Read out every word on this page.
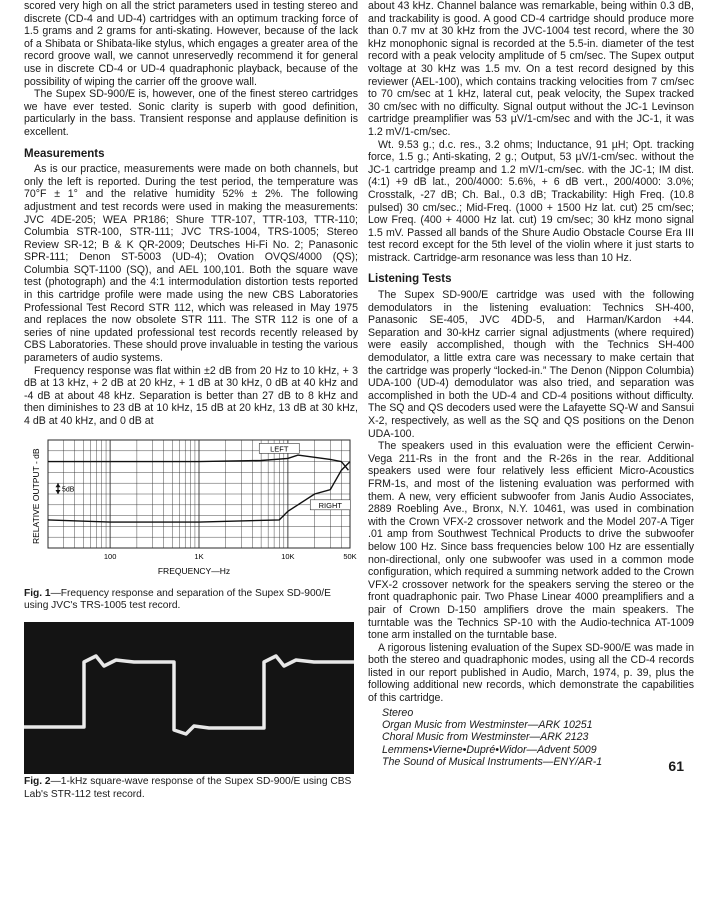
scored very high on all the strict parameters used in testing stereo and discrete (CD-4 and UD-4) cartridges with an optimum tracking force of 1.5 grams and 2 grams for anti-skating. However, because of the lack of a Shibata or Shibata-like stylus, which engages a greater area of the record groove wall, we cannot unreservedly recommend it for general use in discrete CD-4 or UD-4 quadraphonic playback, because of the possibility of wiping the carrier off the groove wall.

The Supex SD-900/E is, however, one of the finest stereo cartridges we have ever tested. Sonic clarity is superb with good definition, particularly in the bass. Transient response and applause definition is excellent.

Measurements

As is our practice, measurements were made on both channels, but only the left is reported. During the test period, the temperature was 70°F ± 1° and the relative humidity 52% ± 2%. The following adjustment and test records were used in making the measurements: JVC 4DE-205; WEA PR186; Shure TTR-107, TTR-103, TTR-110; Columbia STR-100, STR-111; JVC TRS-1004, TRS-1005; Stereo Review SR-12; B & K QR-2009; Deutsches Hi-Fi No. 2; Panasonic SPR-111; Denon ST-5003 (UD-4); Ovation OVQS/4000 (QS); Columbia SQT-1100 (SQ), and AEL 100,101. Both the square wave test (photograph) and the 4:1 intermodulation distortion tests reported in this cartridge profile were made using the new CBS Laboratories Professional Test Record STR 112, which was released in May 1975 and replaces the now obsolete STR 111. The STR 112 is one of a series of nine updated professional test records recently released by CBS Laboratories. These should prove invaluable in testing the various parameters of audio systems.

Frequency response was flat within ±2 dB from 20 Hz to 10 kHz, + 3 dB at 13 kHz, + 2 dB at 20 kHz, + 1 dB at 30 kHz, 0 dB at 40 kHz and -4 dB at about 48 kHz. Separation is better than 27 dB to 8 kHz and then diminishes to 23 dB at 10 kHz, 15 dB at 20 kHz, 13 dB at 30 kHz, 4 dB at 40 kHz, and 0 dB at

RELATIVE OUTPUT - dB	LEFT
RIGHT
5dB
100	1K	10K	50K
FREQUENCY—Hz
Fig. 1—Frequency response and separation of the Supex SD-900/E using JVC's TRS-1005 test record.
Fig. 2—1-kHz square-wave response of the Supex SD-900/E using CBS Lab's STR-112 test record.

about 43 kHz. Channel balance was remarkable, being within 0.3 dB, and trackability is good. A good CD-4 cartridge should produce more than 0.7 mv at 30 kHz from the JVC-1004 test record, where the 30 kHz monophonic signal is recorded at the 5.5-in. diameter of the test record with a peak velocity amplitude of 5 cm/sec. The Supex output voltage at 30 kHz was 1.5 mv. On a test record designed by this reviewer (AEL-100), which contains tracking velocities from 7 cm/sec to 70 cm/sec at 1 kHz, lateral cut, peak velocity, the Supex tracked 30 cm/sec with no difficulty. Signal output without the JC-1 Levinson cartridge preamplifier was 53 µV/1-cm/sec and with the JC-1, it was 1.2 mV/1-cm/sec.

Wt. 9.53 g.; d.c. res., 3.2 ohms; Inductance, 91 µH; Opt. tracking force, 1.5 g.; Anti-skating, 2 g.; Output, 53 µV/1-cm/sec. without the JC-1 cartridge preamp and 1.2 mV/1-cm/sec. with the JC-1; IM dist. (4:1) +9 dB lat., 200/4000: 5.6%, + 6 dB vert., 200/4000: 3.0%; Crosstalk, -27 dB; Ch. Bal., 0.3 dB; Trackability: High Freq. (10.8 pulsed) 30 cm/sec.; Mid-Freq. (1000 + 1500 Hz lat. cut) 25 cm/sec; Low Freq. (400 + 4000 Hz lat. cut) 19 cm/sec; 30 kHz mono signal 1.5 mV. Passed all bands of the Shure Audio Obstacle Course Era III test record except for the 5th level of the violin where it just starts to mistrack. Cartridge-arm resonance was less than 10 Hz.

Listening Tests

The Supex SD-900/E cartridge was used with the following demodulators in the listening evaluation: Technics SH-400, Panasonic SE-405, JVC 4DD-5, and Harman/Kardon +44. Separation and 30-kHz carrier signal adjustments (where required) were easily accomplished, though with the Technics SH-400 demodulator, a little extra care was necessary to make certain that the cartridge was properly “locked-in.” The Denon (Nippon Columbia) UDA-100 (UD-4) demodulator was also tried, and separation was accomplished in both the UD-4 and CD-4 positions without difficulty. The SQ and QS decoders used were the Lafayette SQ-W and Sansui X-2, respectively, as well as the SQ and QS positions on the Denon UDA-100.

The speakers used in this evaluation were the efficient Cerwin-Vega 211-Rs in the front and the R-26s in the rear. Additional speakers used were four relatively less efficient Micro-Acoustics FRM-1s, and most of the listening evaluation was performed with them. A new, very efficient subwoofer from Janis Audio Associates, 2889 Roebling Ave., Bronx, N.Y. 10461, was used in combination with the Crown VFX-2 crossover network and the Model 207-A Tiger .01 amp from Southwest Technical Products to drive the subwoofer below 100 Hz. Since bass frequencies below 100 Hz are essentially non-directional, only one subwoofer was used in a common mode configuration, which required a summing network added to the Crown VFX-2 crossover network for the speakers serving the stereo or the front quadraphonic pair. Two Phase Linear 4000 preamplifiers and a pair of Crown D-150 amplifiers drove the main speakers. The turntable was the Technics SP-10 with the Audio-technica AT-1009 tone arm installed on the turntable base.

A rigorous listening evaluation of the Supex SD-900/E was made in both the stereo and quadraphonic modes, using all the CD-4 records listed in our report published in Audio, March, 1974, p. 39, plus the following additional new records, which demonstrate the capabilities of this cartridge.

Stereo
Organ Music from Westminster—ARK 10251
Choral Music from Westminster—ARK 2123
Lemmens•Vierne•Dupré•Widor—Advent 5009
The Sound of Musical Instruments—ENY/AR-1	61
